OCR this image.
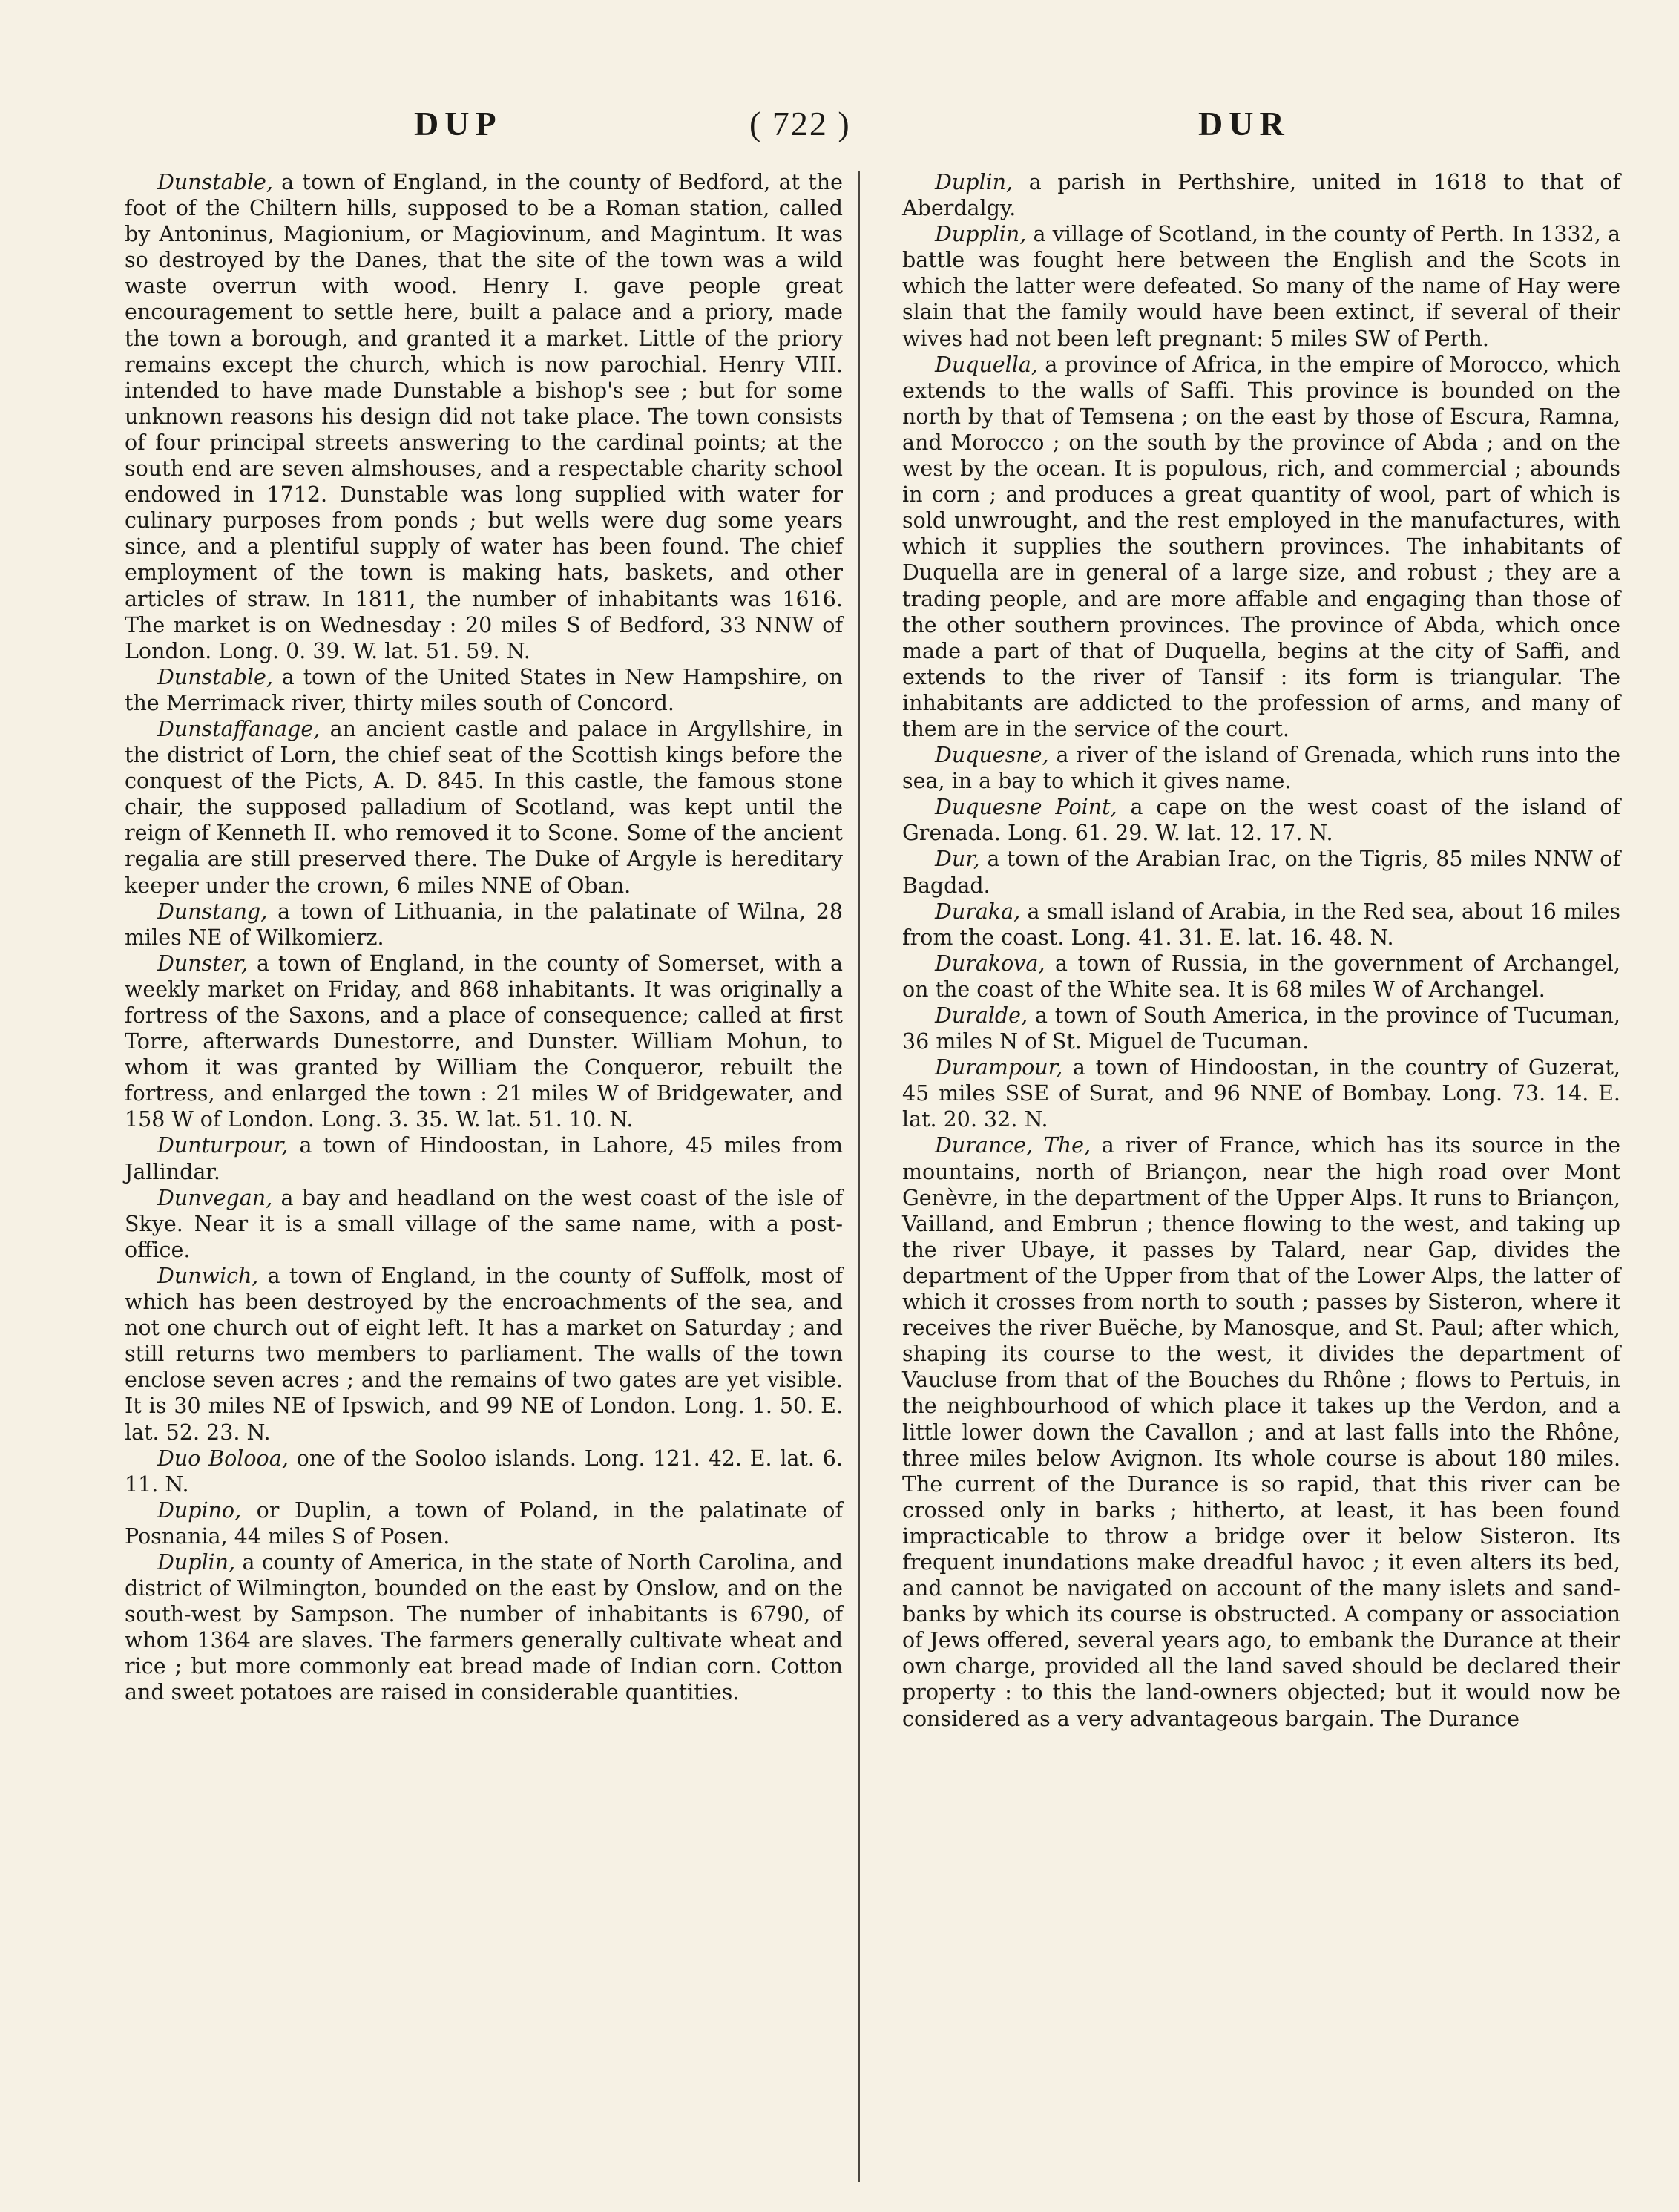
DUP	( 722 )	DUR

Dunstable, a town of England, in the county of Bedford, at the foot of the Chiltern hills, supposed to be a Roman station, called by Antoninus, Magionium, or Magiovinum, and Magintum. It was so destroyed by the Danes, that the site of the town was a wild waste overrun with wood. Henry I. gave people great encouragement to settle here, built a palace and a priory, made the town a borough, and granted it a market. Little of the priory remains except the church, which is now parochial. Henry VIII. intended to have made Dunstable a bishop's see ; but for some unknown reasons his design did not take place. The town consists of four principal streets answering to the cardinal points; at the south end are seven almshouses, and a respectable charity school endowed in 1712. Dunstable was long supplied with water for culinary purposes from ponds ; but wells were dug some years since, and a plentiful supply of water has been found. The chief employment of the town is making hats, baskets, and other articles of straw. In 1811, the number of inhabitants was 1616. The market is on Wednesday : 20 miles S of Bedford, 33 NNW of London. Long. 0. 39. W. lat. 51. 59. N.

Dunstable, a town of the United States in New Hampshire, on the Merrimack river, thirty miles south of Concord.

Dunstaffanage, an ancient castle and palace in Argyllshire, in the district of Lorn, the chief seat of the Scottish kings before the conquest of the Picts, A. D. 845. In this castle, the famous stone chair, the supposed palladium of Scotland, was kept until the reign of Kenneth II. who removed it to Scone. Some of the ancient regalia are still preserved there. The Duke of Argyle is hereditary keeper under the crown, 6 miles NNE of Oban.

Dunstang, a town of Lithuania, in the palatinate of Wilna, 28 miles NE of Wilkomierz.

Dunster, a town of England, in the county of Somerset, with a weekly market on Friday, and 868 inhabitants. It was originally a fortress of the Saxons, and a place of consequence; called at first Torre, afterwards Dunestorre, and Dunster. William Mohun, to whom it was granted by William the Conqueror, rebuilt the fortress, and enlarged the town : 21 miles W of Bridgewater, and 158 W of London. Long. 3. 35. W. lat. 51. 10. N.

Dunturpour, a town of Hindoostan, in Lahore, 45 miles from Jallindar.

Dunvegan, a bay and headland on the west coast of the isle of Skye. Near it is a small village of the same name, with a post-office.

Dunwich, a town of England, in the county of Suffolk, most of which has been destroyed by the encroachments of the sea, and not one church out of eight left. It has a market on Saturday ; and still returns two members to parliament. The walls of the town enclose seven acres ; and the remains of two gates are yet visible. It is 30 miles NE of Ipswich, and 99 NE of London. Long. 1. 50. E. lat. 52. 23. N.

Duo Boloоa, one of the Sooloo islands. Long. 121. 42. E. lat. 6. 11. N.

Dupino, or Duplin, a town of Poland, in the palatinate of Posnania, 44 miles S of Posen.

Duplin, a county of America, in the state of North Carolina, and district of Wilmington, bounded on the east by Onslow, and on the south-west by Sampson. The number of inhabitants is 6790, of whom 1364 are slaves. The farmers generally cultivate wheat and rice ; but more commonly eat bread made of Indian corn. Cotton and sweet potatoes are raised in considerable quantities.

Duplin, a parish in Perthshire, united in 1618 to that of Aberdalgy.

Dupplin, a village of Scotland, in the county of Perth. In 1332, a battle was fought here between the English and the Scots in which the latter were defeated. So many of the name of Hay were slain that the family would have been extinct, if several of their wives had not been left pregnant: 5 miles SW of Perth.

Duquella, a province of Africa, in the empire of Morocco, which extends to the walls of Saffi. This province is bounded on the north by that of Temsena ; on the east by those of Escura, Ramna, and Morocco ; on the south by the province of Abda ; and on the west by the ocean. It is populous, rich, and commercial ; abounds in corn ; and produces a great quantity of wool, part of which is sold unwrought, and the rest employed in the manufactures, with which it supplies the southern provinces. The inhabitants of Duquella are in general of a large size, and robust ; they are a trading people, and are more affable and engaging than those of the other southern provinces. The province of Abda, which once made a part of that of Duquella, begins at the city of Saffi, and extends to the river of Tansif : its form is triangular. The inhabitants are addicted to the profession of arms, and many of them are in the service of the court.

Duquesne, a river of the island of Grenada, which runs into the sea, in a bay to which it gives name.

Duquesne Point, a cape on the west coast of the island of Grenada. Long. 61. 29. W. lat. 12. 17. N.

Dur, a town of the Arabian Irac, on the Tigris, 85 miles NNW of Bagdad.

Duraka, a small island of Arabia, in the Red sea, about 16 miles from the coast. Long. 41. 31. E. lat. 16. 48. N.

Durakova, a town of Russia, in the government of Archangel, on the coast of the White sea. It is 68 miles W of Archangel.

Duralde, a town of South America, in the province of Tucuman, 36 miles N of St. Miguel de Tucuman.

Durampour, a town of Hindoostan, in the country of Guzerat, 45 miles SSE of Surat, and 96 NNE of Bombay. Long. 73. 14. E. lat. 20. 32. N.

Durance, The, a river of France, which has its source in the mountains, north of Briançon, near the high road over Mont Genèvre, in the department of the Upper Alps. It runs to Briançon, Vailland, and Embrun ; thence flowing to the west, and taking up the river Ubaye, it passes by Talard, near Gap, divides the department of the Upper from that of the Lower Alps, the latter of which it crosses from north to south ; passes by Sisteron, where it receives the river Buëche, by Manosque, and St. Paul; after which, shaping its course to the west, it divides the department of Vaucluse from that of the Bouches du Rhône ; flows to Pertuis, in the neighbourhood of which place it takes up the Verdon, and a little lower down the Cavallon ; and at last falls into the Rhône, three miles below Avignon. Its whole course is about 180 miles. The current of the Durance is so rapid, that this river can be crossed only in barks ; hitherto, at least, it has been found impracticable to throw a bridge over it below Sisteron. Its frequent inundations make dreadful havoc ; it even alters its bed, and cannot be navigated on account of the many islets and sand-banks by which its course is obstructed. A company or association of Jews offered, several years ago, to embank the Durance at their own charge, provided all the land saved should be declared their property : to this the land-owners objected; but it would now be considered as a very advantageous bargain. The Durance
